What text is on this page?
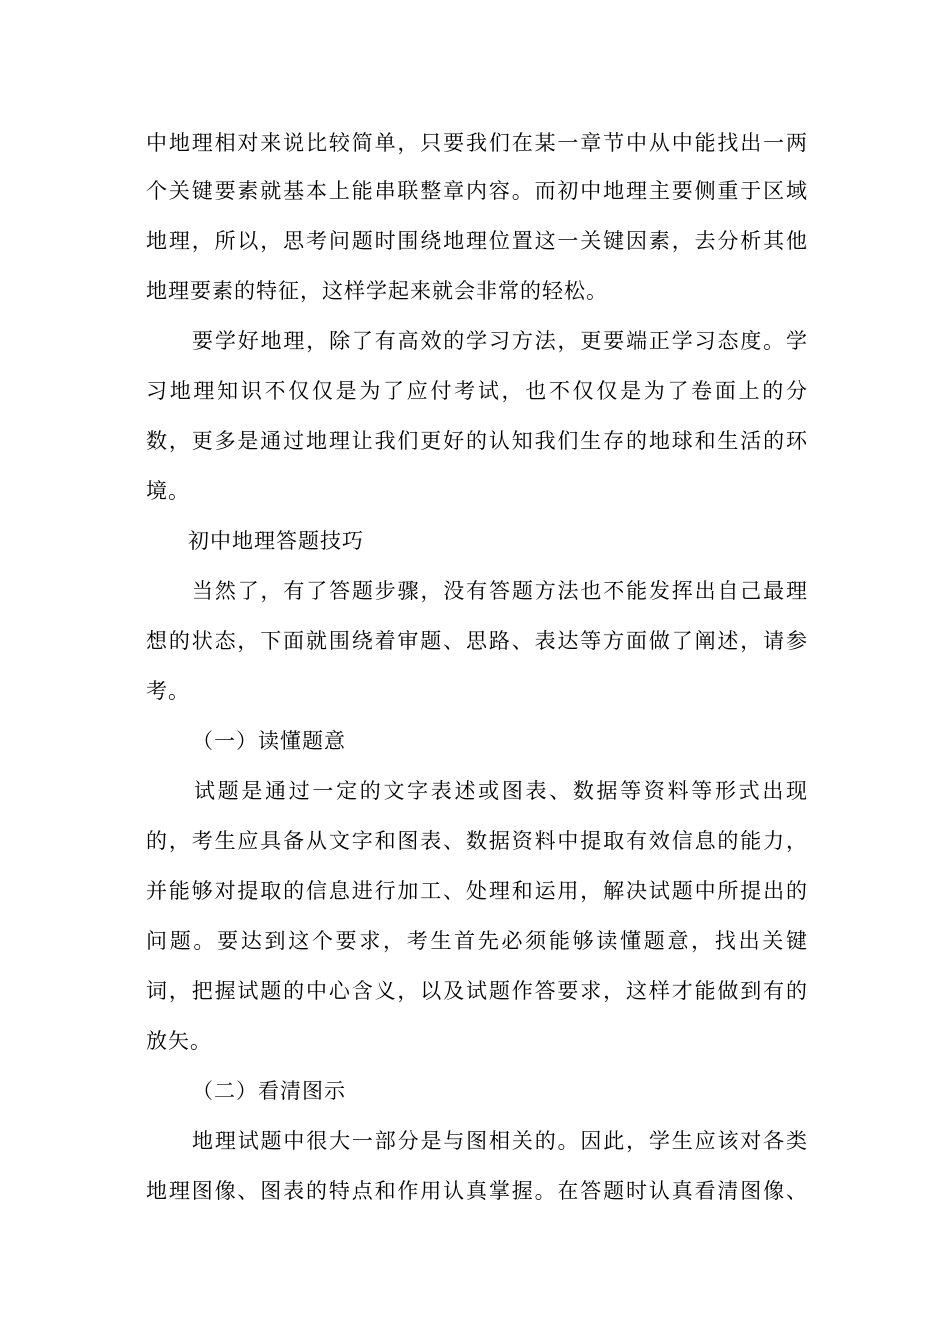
中地理相对来说比较简单，只要我们在某一章节中从中能找出一两
个关键要素就基本上能串联整章内容。而初中地理主要侧重于区域
地理，所以，思考问题时围绕地理位置这一关键因素，去分析其他
地理要素的特征，这样学起来就会非常的轻松。
要学好地理，除了有高效的学习方法，更要端正学习态度。学
习地理知识不仅仅是为了应付考试，也不仅仅是为了卷面上的分
数，更多是通过地理让我们更好的认知我们生存的地球和生活的环
境。
初中地理答题技巧
当然了，有了答题步骤，没有答题方法也不能发挥出自己最理
想的状态，下面就围绕着审题、思路、表达等方面做了阐述，请参
考。
（一）读懂题意
试题是通过一定的文字表述或图表、数据等资料等形式出现
的，考生应具备从文字和图表、数据资料中提取有效信息的能力，
并能够对提取的信息进行加工、处理和运用，解决试题中所提出的
问题。要达到这个要求，考生首先必须能够读懂题意，找出关键
词，把握试题的中心含义，以及试题作答要求，这样才能做到有的
放矢。
（二）看清图示
地理试题中很大一部分是与图相关的。因此，学生应该对各类
地理图像、图表的特点和作用认真掌握。在答题时认真看清图像、
